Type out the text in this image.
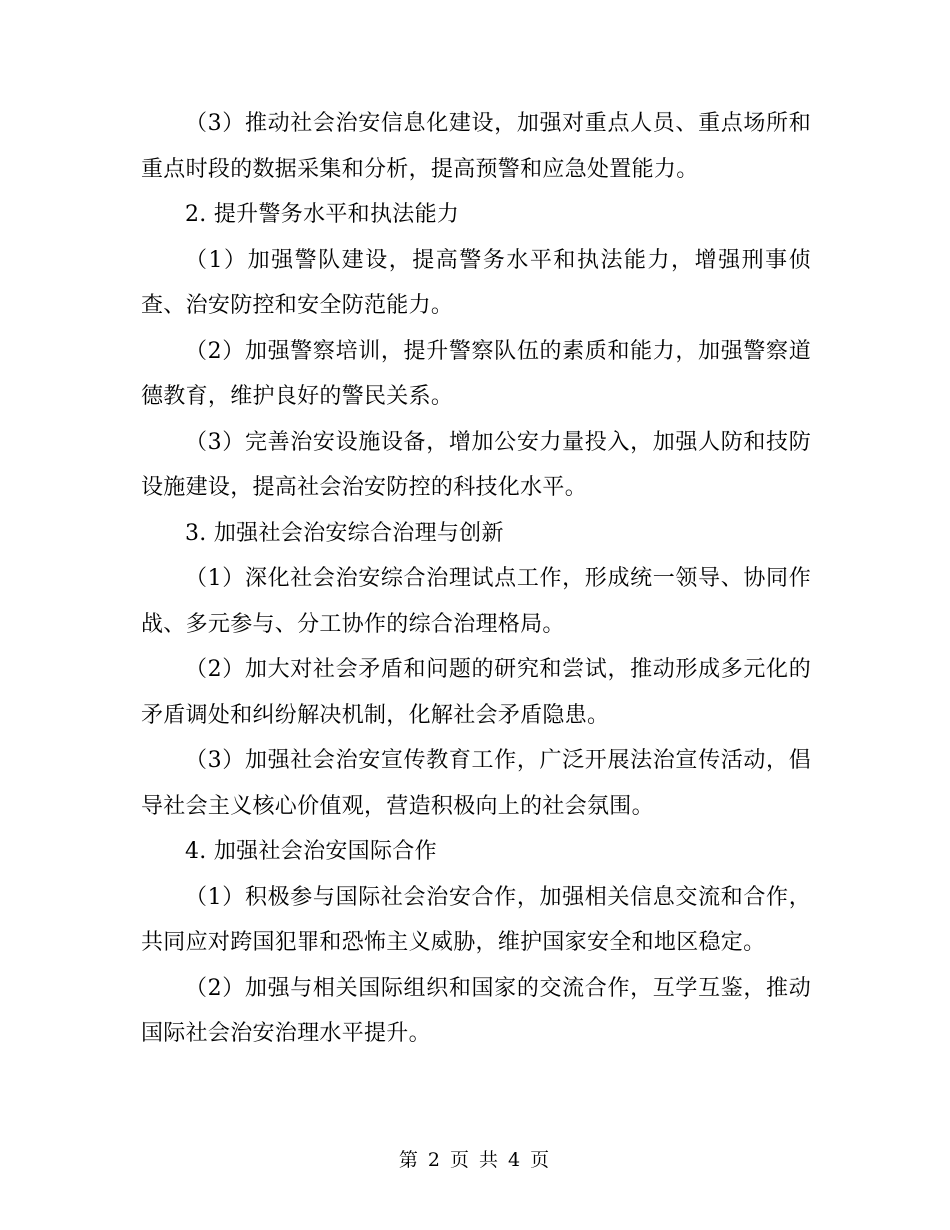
（3）推动社会治安信息化建设，加强对重点人员、重点场所和重点时段的数据采集和分析，提高预警和应急处置能力。

2. 提升警务水平和执法能力

（1）加强警队建设，提高警务水平和执法能力，增强刑事侦查、治安防控和安全防范能力。

（2）加强警察培训，提升警察队伍的素质和能力，加强警察道德教育，维护良好的警民关系。

（3）完善治安设施设备，增加公安力量投入，加强人防和技防设施建设，提高社会治安防控的科技化水平。

3. 加强社会治安综合治理与创新

（1）深化社会治安综合治理试点工作，形成统一领导、协同作战、多元参与、分工协作的综合治理格局。

（2）加大对社会矛盾和问题的研究和尝试，推动形成多元化的矛盾调处和纠纷解决机制，化解社会矛盾隐患。

（3）加强社会治安宣传教育工作，广泛开展法治宣传活动，倡导社会主义核心价值观，营造积极向上的社会氛围。

4. 加强社会治安国际合作

（1）积极参与国际社会治安合作，加强相关信息交流和合作，共同应对跨国犯罪和恐怖主义威胁，维护国家安全和地区稳定。

（2）加强与相关国际组织和国家的交流合作，互学互鉴，推动国际社会治安治理水平提升。

第 2 页 共 4 页
